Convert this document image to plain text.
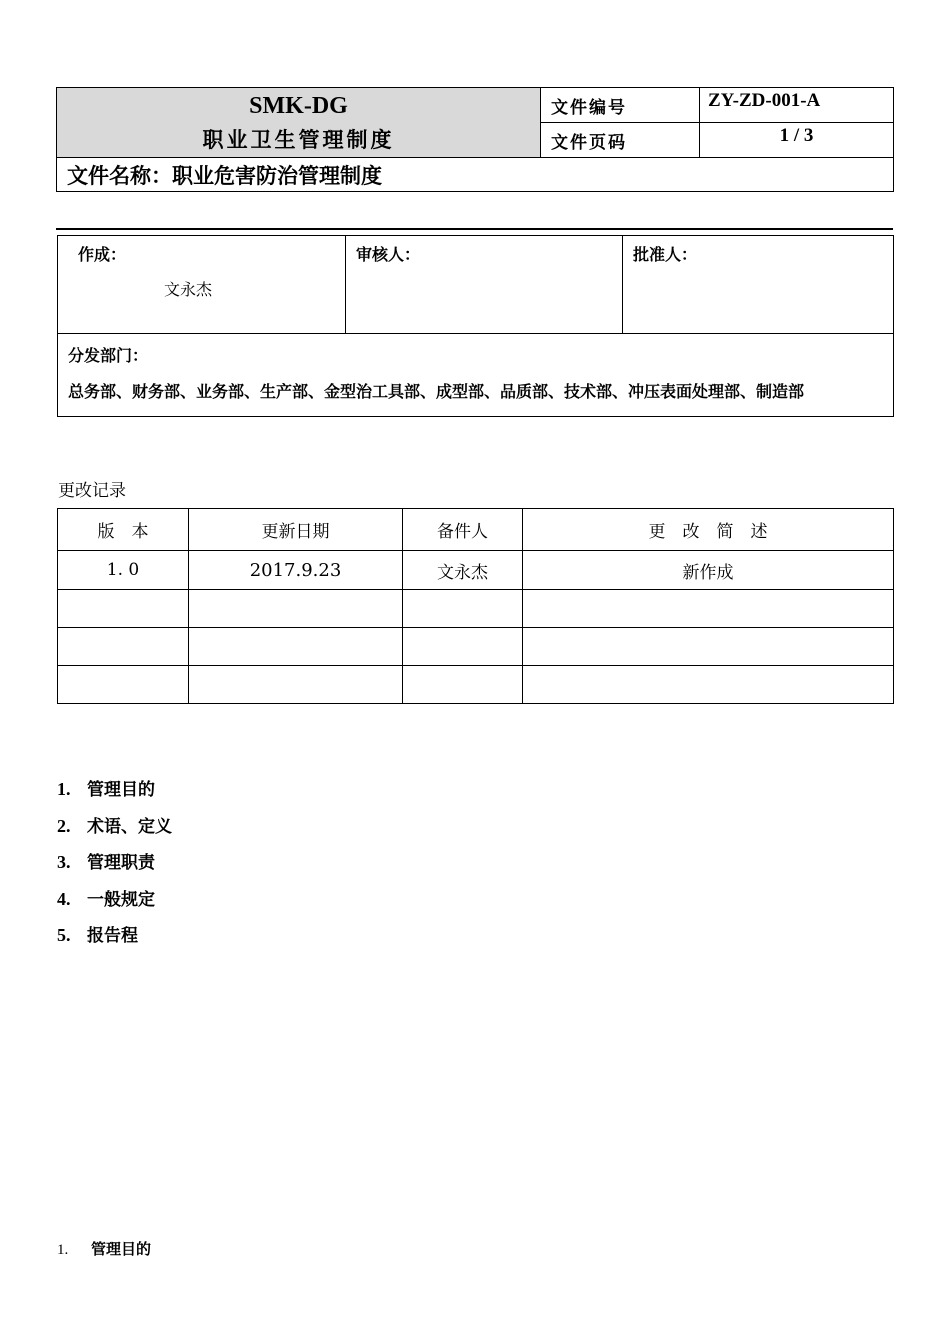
SMK-DG
职业卫生管理制度	文件编号	ZY-ZD-001-A
	文件页码	1 / 3
文件名称：职业危害防治管理制度		
作成：
文永杰

审核人：	批准人：

分发部门：
总务部、财务部、业务部、生产部、金型治工具部、成型部、品质部、技术部、冲压表面处理部、制造部
更改记录
版　本	更新日期	备件人	更　改　简　述
1. 0	2017.9.23	文永杰	新作成

1. 管理目的
2. 术语、定义
3. 管理职责
4. 一般规定
5. 报告程
1. 管理目的
